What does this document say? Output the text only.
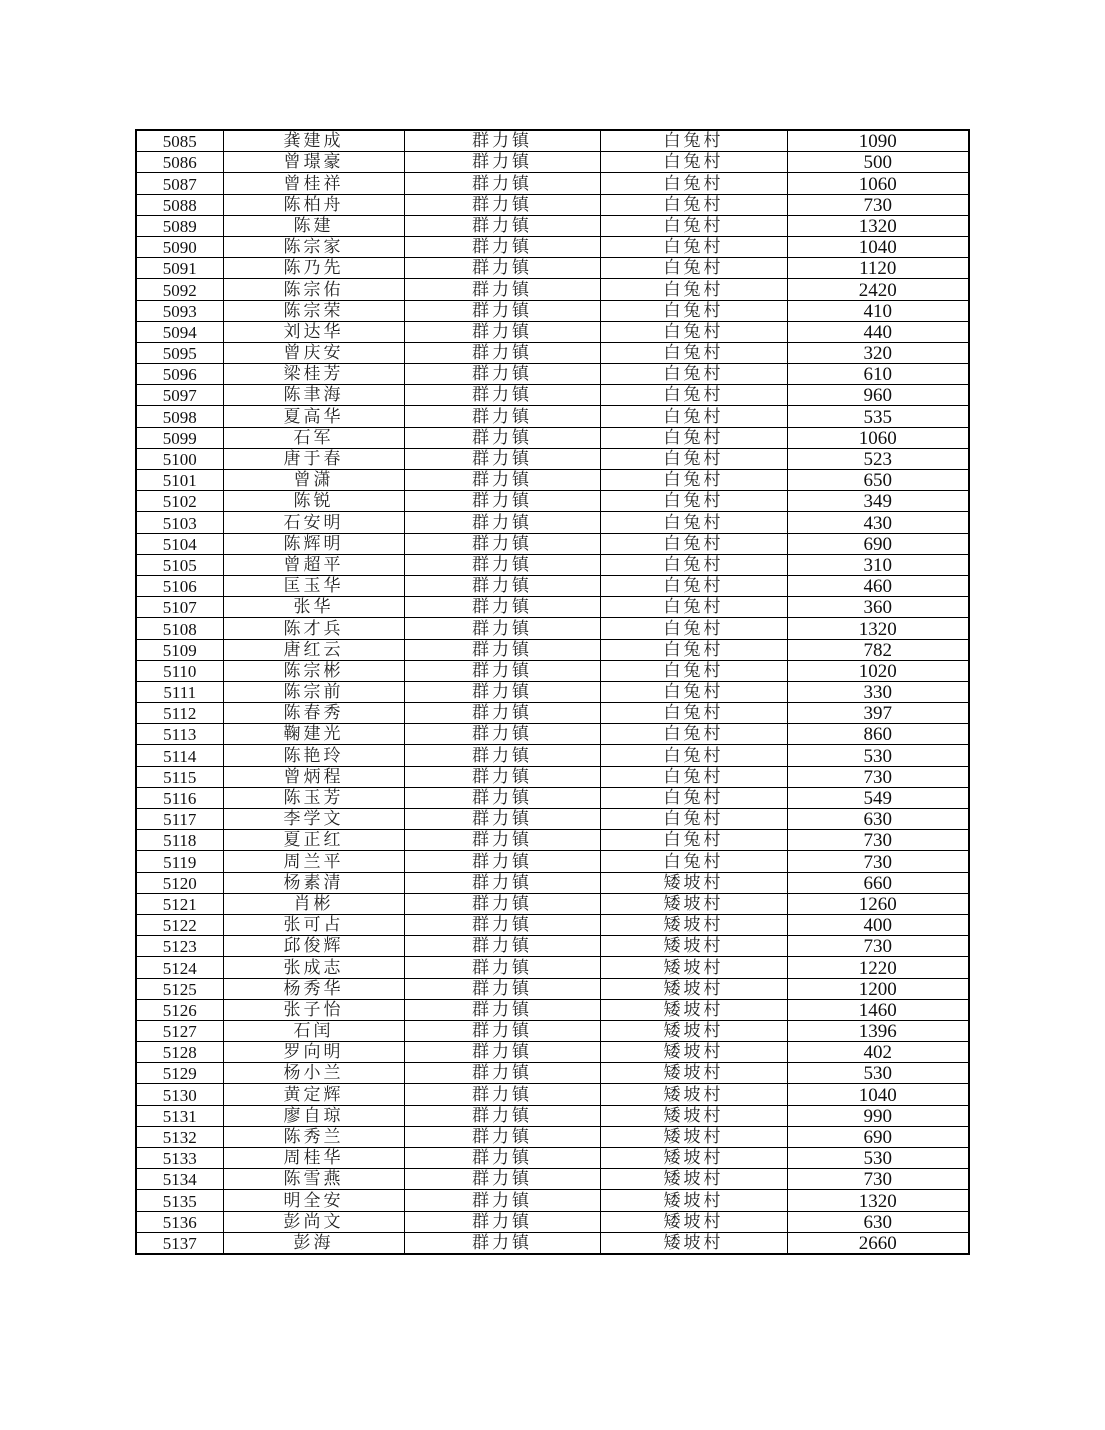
5085	龚建成	群力镇	白兔村	1090
5086	曾璟豪	群力镇	白兔村	500
5087	曾桂祥	群力镇	白兔村	1060
5088	陈柏舟	群力镇	白兔村	730
5089	陈建	群力镇	白兔村	1320
5090	陈宗家	群力镇	白兔村	1040
5091	陈乃先	群力镇	白兔村	1120
5092	陈宗佑	群力镇	白兔村	2420
5093	陈宗荣	群力镇	白兔村	410
5094	刘达华	群力镇	白兔村	440
5095	曾庆安	群力镇	白兔村	320
5096	梁桂芳	群力镇	白兔村	610
5097	陈聿海	群力镇	白兔村	960
5098	夏高华	群力镇	白兔村	535
5099	石军	群力镇	白兔村	1060
5100	唐于春	群力镇	白兔村	523
5101	曾潇	群力镇	白兔村	650
5102	陈锐	群力镇	白兔村	349
5103	石安明	群力镇	白兔村	430
5104	陈辉明	群力镇	白兔村	690
5105	曾超平	群力镇	白兔村	310
5106	匡玉华	群力镇	白兔村	460
5107	张华	群力镇	白兔村	360
5108	陈才兵	群力镇	白兔村	1320
5109	唐红云	群力镇	白兔村	782
5110	陈宗彬	群力镇	白兔村	1020
5111	陈宗前	群力镇	白兔村	330
5112	陈春秀	群力镇	白兔村	397
5113	鞠建光	群力镇	白兔村	860
5114	陈艳玲	群力镇	白兔村	530
5115	曾炳程	群力镇	白兔村	730
5116	陈玉芳	群力镇	白兔村	549
5117	李学文	群力镇	白兔村	630
5118	夏正红	群力镇	白兔村	730
5119	周兰平	群力镇	白兔村	730
5120	杨素清	群力镇	矮坡村	660
5121	肖彬	群力镇	矮坡村	1260
5122	张可占	群力镇	矮坡村	400
5123	邱俊辉	群力镇	矮坡村	730
5124	张成志	群力镇	矮坡村	1220
5125	杨秀华	群力镇	矮坡村	1200
5126	张子怡	群力镇	矮坡村	1460
5127	石闰	群力镇	矮坡村	1396
5128	罗向明	群力镇	矮坡村	402
5129	杨小兰	群力镇	矮坡村	530
5130	黄定辉	群力镇	矮坡村	1040
5131	廖自琼	群力镇	矮坡村	990
5132	陈秀兰	群力镇	矮坡村	690
5133	周桂华	群力镇	矮坡村	530
5134	陈雪燕	群力镇	矮坡村	730
5135	明全安	群力镇	矮坡村	1320
5136	彭尚文	群力镇	矮坡村	630
5137	彭海	群力镇	矮坡村	2660
